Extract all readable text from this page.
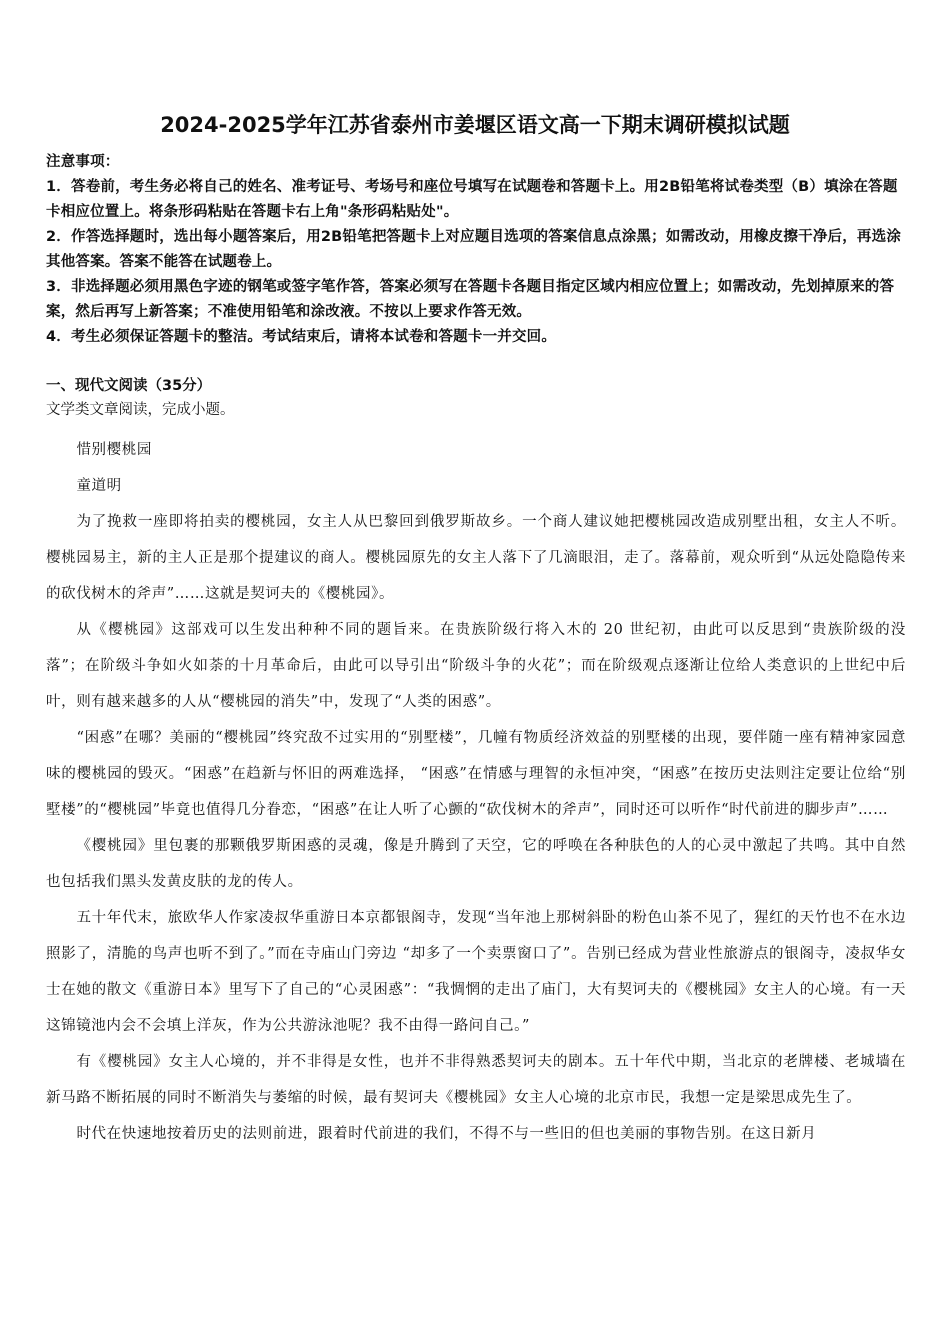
2024-2025学年江苏省泰州市姜堰区语文高一下期末调研模拟试题
注意事项：
1．答卷前，考生务必将自己的姓名、准考证号、考场号和座位号填写在试题卷和答题卡上。用2B铅笔将试卷类型（B）填涂在答题卡相应位置上。将条形码粘贴在答题卡右上角"条形码粘贴处"。
2．作答选择题时，选出每小题答案后，用2B铅笔把答题卡上对应题目选项的答案信息点涂黑；如需改动，用橡皮擦干净后，再选涂其他答案。答案不能答在试题卷上。
3．非选择题必须用黑色字迹的钢笔或签字笔作答，答案必须写在答题卡各题目指定区域内相应位置上；如需改动，先划掉原来的答案，然后再写上新答案；不准使用铅笔和涂改液。不按以上要求作答无效。
4．考生必须保证答题卡的整洁。考试结束后，请将本试卷和答题卡一并交回。
一、现代文阅读（35分）
文学类文章阅读，完成小题。

惜别樱桃园

童道明

为了挽救一座即将拍卖的樱桃园，女主人从巴黎回到俄罗斯故乡。一个商人建议她把樱桃园改造成别墅出租，女主人不听。樱桃园易主，新的主人正是那个提建议的商人。樱桃园原先的女主人落下了几滴眼泪，走了。落幕前，观众听到“从远处隐隐传来的砍伐树木的斧声”……这就是契诃夫的《樱桃园》。

从《樱桃园》这部戏可以生发出种种不同的题旨来。在贵族阶级行将入木的 20 世纪初，由此可以反思到“贵族阶级的没落”；在阶级斗争如火如荼的十月革命后，由此可以导引出“阶级斗争的火花”；而在阶级观点逐渐让位给人类意识的上世纪中后叶，则有越来越多的人从“樱桃园的消失”中，发现了“人类的困惑”。

“困惑”在哪？美丽的“樱桃园”终究敌不过实用的“别墅楼”，几幢有物质经济效益的别墅楼的出现，要伴随一座有精神家园意味的樱桃园的毁灭。“困惑”在趋新与怀旧的两难选择， “困惑”在情感与理智的永恒冲突，“困惑”在按历史法则注定要让位给“别墅楼”的“樱桃园”毕竟也值得几分眷恋，“困惑”在让人听了心颤的“砍伐树木的斧声”，同时还可以听作“时代前进的脚步声”……

《樱桃园》里包裹的那颗俄罗斯困惑的灵魂，像是升腾到了天空，它的呼唤在各种肤色的人的心灵中激起了共鸣。其中自然也包括我们黑头发黄皮肤的龙的传人。

五十年代末，旅欧华人作家凌叔华重游日本京都银阁寺，发现“当年池上那树斜卧的粉色山茶不见了，猩红的天竹也不在水边照影了，清脆的鸟声也听不到了。”而在寺庙山门旁边 “却多了一个卖票窗口了”。告别已经成为营业性旅游点的银阁寺，凌叔华女士在她的散文《重游日本》里写下了自己的“心灵困惑”：“我惆惘的走出了庙门，大有契诃夫的《樱桃园》女主人的心境。有一天这锦镜池内会不会填上洋灰，作为公共游泳池呢？我不由得一路问自己。”

有《樱桃园》女主人心境的，并不非得是女性，也并不非得熟悉契诃夫的剧本。五十年代中期，当北京的老牌楼、老城墙在新马路不断拓展的同时不断消失与萎缩的时候，最有契诃夫《樱桃园》女主人心境的北京市民，我想一定是梁思成先生了。

时代在快速地按着历史的法则前进，跟着时代前进的我们，不得不与一些旧的但也美丽的事物告别。在这日新月
